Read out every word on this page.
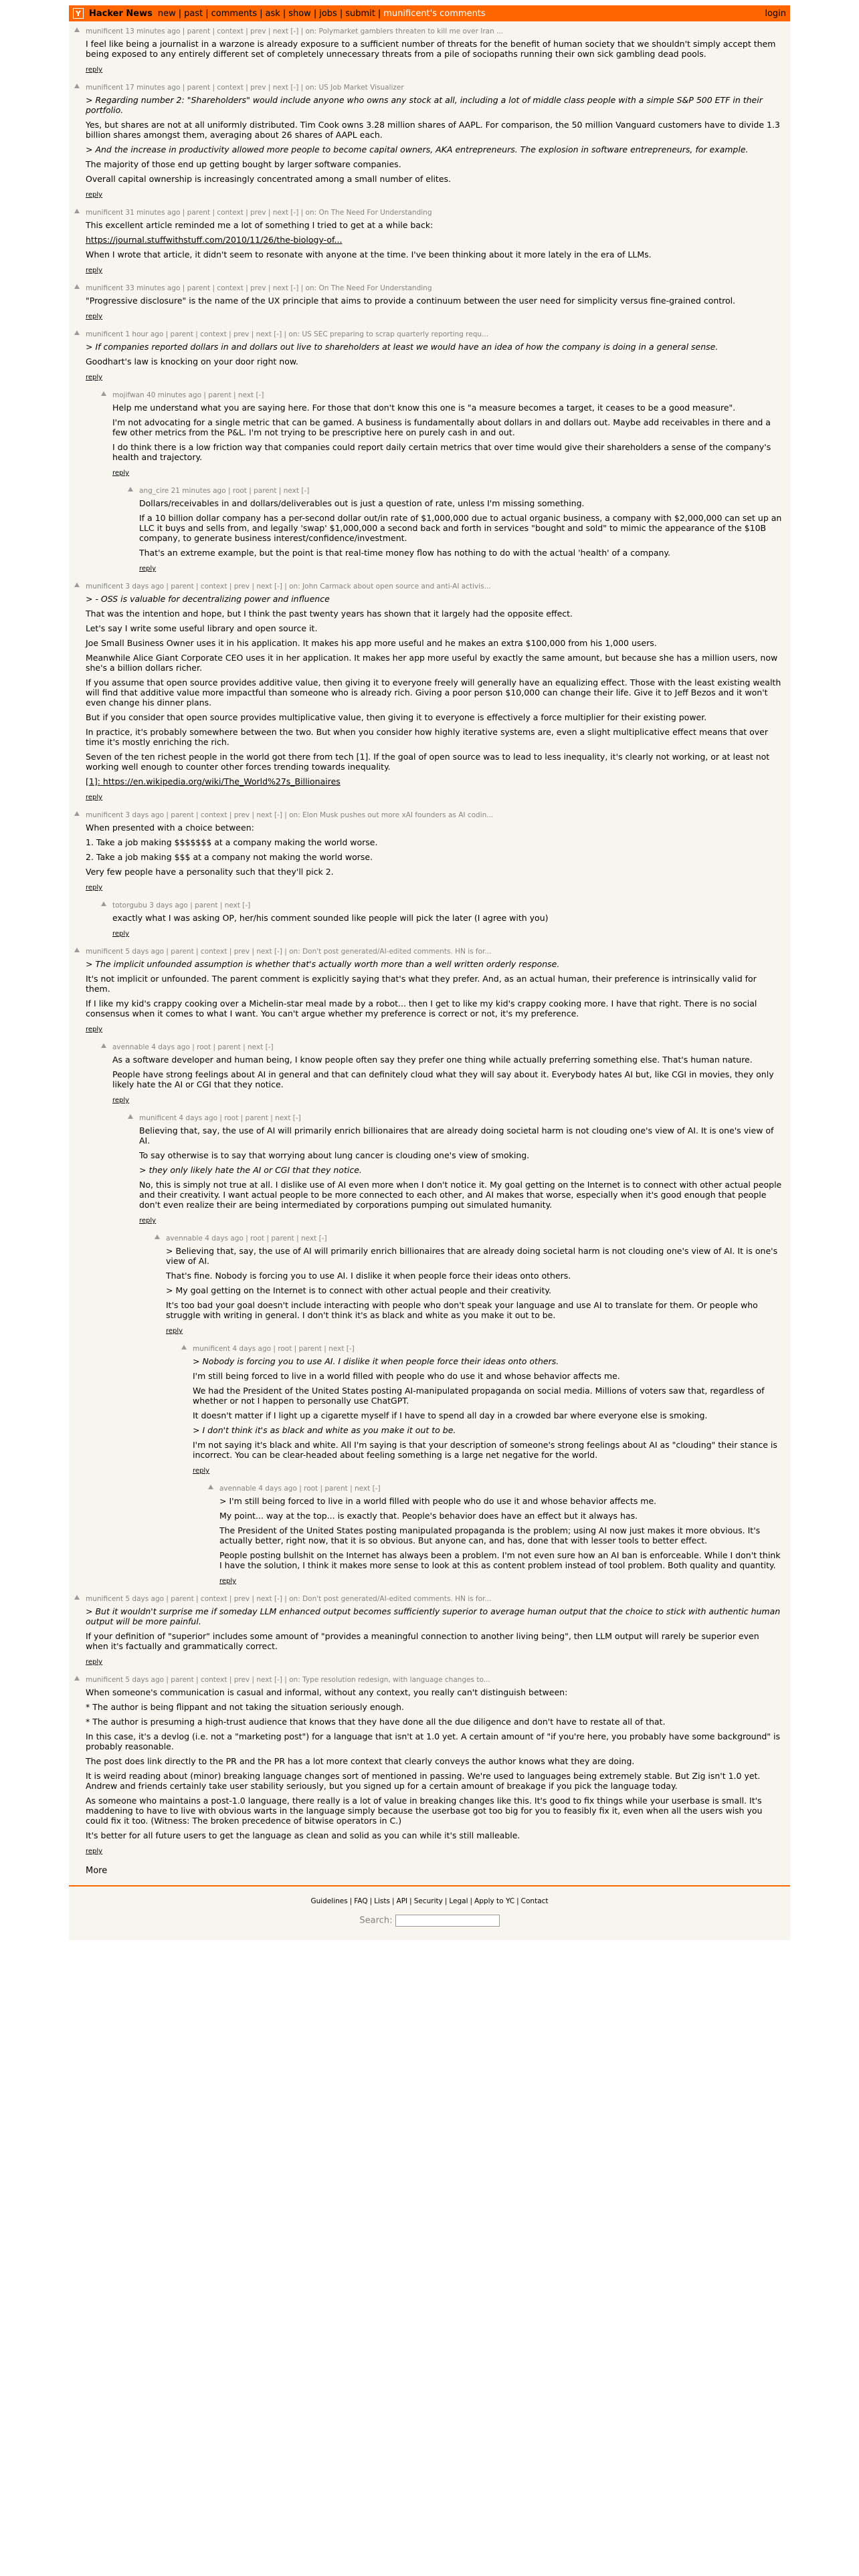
Y Hacker News new | past | comments | ask | show | jobs | submit | munificent's comments	login
munificent 13 minutes ago | parent | context | prev | next [-] | on: Polymarket gamblers threaten to kill me over Iran ...

I feel like being a journalist in a warzone is already exposure to a sufficient number of threats for the benefit of human society that we shouldn't simply accept them being exposed to any entirely different set of completely unnecessary threats from a pile of sociopaths running their own sick gambling dead pools.

reply
munificent 17 minutes ago | parent | context | prev | next [-] | on: US Job Market Visualizer

> Regarding number 2: "Shareholders" would include anyone who owns any stock at all, including a lot of middle class people with a simple S&P 500 ETF in their portfolio.

Yes, but shares are not at all uniformly distributed. Tim Cook owns 3.28 million shares of AAPL. For comparison, the 50 million Vanguard customers have to divide 1.3 billion shares amongst them, averaging about 26 shares of AAPL each.

> And the increase in productivity allowed more people to become capital owners, AKA entrepreneurs. The explosion in software entrepreneurs, for example.

The majority of those end up getting bought by larger software companies.

Overall capital ownership is increasingly concentrated among a small number of elites.

reply
munificent 31 minutes ago | parent | context | prev | next [-] | on: On The Need For Understanding

This excellent article reminded me a lot of something I tried to get at a while back:

https://journal.stuffwithstuff.com/2010/11/26/the-biology-of...

When I wrote that article, it didn't seem to resonate with anyone at the time. I've been thinking about it more lately in the era of LLMs.

reply
munificent 33 minutes ago | parent | context | prev | next [-] | on: On The Need For Understanding

"Progressive disclosure" is the name of the UX principle that aims to provide a continuum between the user need for simplicity versus fine-grained control.

reply
munificent 1 hour ago | parent | context | prev | next [-] | on: US SEC preparing to scrap quarterly reporting requ...

> If companies reported dollars in and dollars out live to shareholders at least we would have an idea of how the company is doing in a general sense.

Goodhart's law is knocking on your door right now.

reply
mojifwan 40 minutes ago | parent | next [-]

Help me understand what you are saying here. For those that don't know this one is "a measure becomes a target, it ceases to be a good measure".

I'm not advocating for a single metric that can be gamed. A business is fundamentally about dollars in and dollars out. Maybe add receivables in there and a few other metrics from the P&L. I'm not trying to be prescriptive here on purely cash in and out.

I do think there is a low friction way that companies could report daily certain metrics that over time would give their shareholders a sense of the company's health and trajectory.

reply
ang_cire 21 minutes ago | root | parent | next [-]

Dollars/receivables in and dollars/deliverables out is just a question of rate, unless I'm missing something.

If a 10 billion dollar company has a per-second dollar out/in rate of $1,000,000 due to actual organic business, a company with $2,000,000 can set up an LLC it buys and sells from, and legally 'swap' $1,000,000 a second back and forth in services "bought and sold" to mimic the appearance of the $10B company, to generate business interest/confidence/investment.

That's an extreme example, but the point is that real-time money flow has nothing to do with the actual 'health' of a company.

reply
munificent 3 days ago | parent | context | prev | next [-] | on: John Carmack about open source and anti-AI activis...

> - OSS is valuable for decentralizing power and influence

That was the intention and hope, but I think the past twenty years has shown that it largely had the opposite effect.

Let's say I write some useful library and open source it.

Joe Small Business Owner uses it in his application. It makes his app more useful and he makes an extra $100,000 from his 1,000 users.

Meanwhile Alice Giant Corporate CEO uses it in her application. It makes her app more useful by exactly the same amount, but because she has a million users, now she's a billion dollars richer.

If you assume that open source provides additive value, then giving it to everyone freely will generally have an equalizing effect. Those with the least existing wealth will find that additive value more impactful than someone who is already rich. Giving a poor person $10,000 can change their life. Give it to Jeff Bezos and it won't even change his dinner plans.

But if you consider that open source provides multiplicative value, then giving it to everyone is effectively a force multiplier for their existing power.

In practice, it's probably somewhere between the two. But when you consider how highly iterative systems are, even a slight multiplicative effect means that over time it's mostly enriching the rich.

Seven of the ten richest people in the world got there from tech [1]. If the goal of open source was to lead to less inequality, it's clearly not working, or at least not working well enough to counter other forces trending towards inequality.

[1]: https://en.wikipedia.org/wiki/The_World%27s_Billionaires

reply
munificent 3 days ago | parent | context | prev | next [-] | on: Elon Musk pushes out more xAI founders as AI codin...

When presented with a choice between:

1. Take a job making $$$$$$$ at a company making the world worse.

2. Take a job making $$$ at a company not making the world worse.

Very few people have a personality such that they'll pick 2.

reply
totorgubu 3 days ago | parent | next [-]

exactly what I was asking OP, her/his comment sounded like people will pick the later (I agree with you)

reply
munificent 5 days ago | parent | context | prev | next [-] | on: Don't post generated/AI-edited comments. HN is for...

> The implicit unfounded assumption is whether that's actually worth more than a well written orderly response.

It's not implicit or unfounded. The parent comment is explicitly saying that's what they prefer. And, as an actual human, their preference is intrinsically valid for them.

If I like my kid's crappy cooking over a Michelin-star meal made by a robot... then I get to like my kid's crappy cooking more. I have that right. There is no social consensus when it comes to what I want. You can't argue whether my preference is correct or not, it's my preference.

reply
avennable 4 days ago | root | parent | next [-]

As a software developer and human being, I know people often say they prefer one thing while actually preferring something else. That's human nature.

People have strong feelings about AI in general and that can definitely cloud what they will say about it. Everybody hates AI but, like CGI in movies, they only likely hate the AI or CGI that they notice.

reply
munificent 4 days ago | root | parent | next [-]

Believing that, say, the use of AI will primarily enrich billionaires that are already doing societal harm is not clouding one's view of AI. It is one's view of AI.

To say otherwise is to say that worrying about lung cancer is clouding one's view of smoking.

> they only likely hate the AI or CGI that they notice.

No, this is simply not true at all. I dislike use of AI even more when I don't notice it. My goal getting on the Internet is to connect with other actual people and their creativity. I want actual people to be more connected to each other, and AI makes that worse, especially when it's good enough that people don't even realize their are being intermediated by corporations pumping out simulated humanity.

reply
avennable 4 days ago | root | parent | next [-]

> Believing that, say, the use of AI will primarily enrich billionaires that are already doing societal harm is not clouding one's view of AI. It is one's view of AI.

That's fine. Nobody is forcing you to use AI. I dislike it when people force their ideas onto others.

> My goal getting on the Internet is to connect with other actual people and their creativity.

It's too bad your goal doesn't include interacting with people who don't speak your language and use AI to translate for them. Or people who struggle with writing in general. I don't think it's as black and white as you make it out to be.

reply
munificent 4 days ago | root | parent | next [-]

> Nobody is forcing you to use AI. I dislike it when people force their ideas onto others.

I'm still being forced to live in a world filled with people who do use it and whose behavior affects me.

We had the President of the United States posting AI-manipulated propaganda on social media. Millions of voters saw that, regardless of whether or not I happen to personally use ChatGPT.

It doesn't matter if I light up a cigarette myself if I have to spend all day in a crowded bar where everyone else is smoking.

> I don't think it's as black and white as you make it out to be.

I'm not saying it's black and white. All I'm saying is that your description of someone's strong feelings about AI as "clouding" their stance is incorrect. You can be clear-headed about feeling something is a large net negative for the world.

reply
avennable 4 days ago | root | parent | next [-]

> I'm still being forced to live in a world filled with people who do use it and whose behavior affects me.

My point... way at the top... is exactly that. People's behavior does have an effect but it always has.

The President of the United States posting manipulated propaganda is the problem; using AI now just makes it more obvious. It's actually better, right now, that it is so obvious. But anyone can, and has, done that with lesser tools to better effect.

People posting bullshit on the Internet has always been a problem. I'm not even sure how an AI ban is enforceable. While I don't think I have the solution, I think it makes more sense to look at this as content problem instead of tool problem. Both quality and quantity.

reply
munificent 5 days ago | parent | context | prev | next [-] | on: Don't post generated/AI-edited comments. HN is for...

> But it wouldn't surprise me if someday LLM enhanced output becomes sufficiently superior to average human output that the choice to stick with authentic human output will be more painful.

If your definition of "superior" includes some amount of "provides a meaningful connection to another living being", then LLM output will rarely be superior even when it's factually and grammatically correct.

reply
munificent 5 days ago | parent | context | prev | next [-] | on: Type resolution redesign, with language changes to...

When someone's communication is casual and informal, without any context, you really can't distinguish between:

* The author is being flippant and not taking the situation seriously enough.

* The author is presuming a high-trust audience that knows that they have done all the due diligence and don't have to restate all of that.

In this case, it's a devlog (i.e. not a "marketing post") for a language that isn't at 1.0 yet. A certain amount of "if you're here, you probably have some background" is probably reasonable.

The post does link directly to the PR and the PR has a lot more context that clearly conveys the author knows what they are doing.

It is weird reading about (minor) breaking language changes sort of mentioned in passing. We're used to languages being extremely stable. But Zig isn't 1.0 yet. Andrew and friends certainly take user stability seriously, but you signed up for a certain amount of breakage if you pick the language today.

As someone who maintains a post-1.0 language, there really is a lot of value in breaking changes like this. It's good to fix things while your userbase is small. It's maddening to have to live with obvious warts in the language simply because the userbase got too big for you to feasibly fix it, even when all the users wish you could fix it too. (Witness: The broken precedence of bitwise operators in C.)

It's better for all future users to get the language as clean and solid as you can while it's still malleable.

reply
More
Guidelines | FAQ | Lists | API | Security | Legal | Apply to YC | Contact
Search:
